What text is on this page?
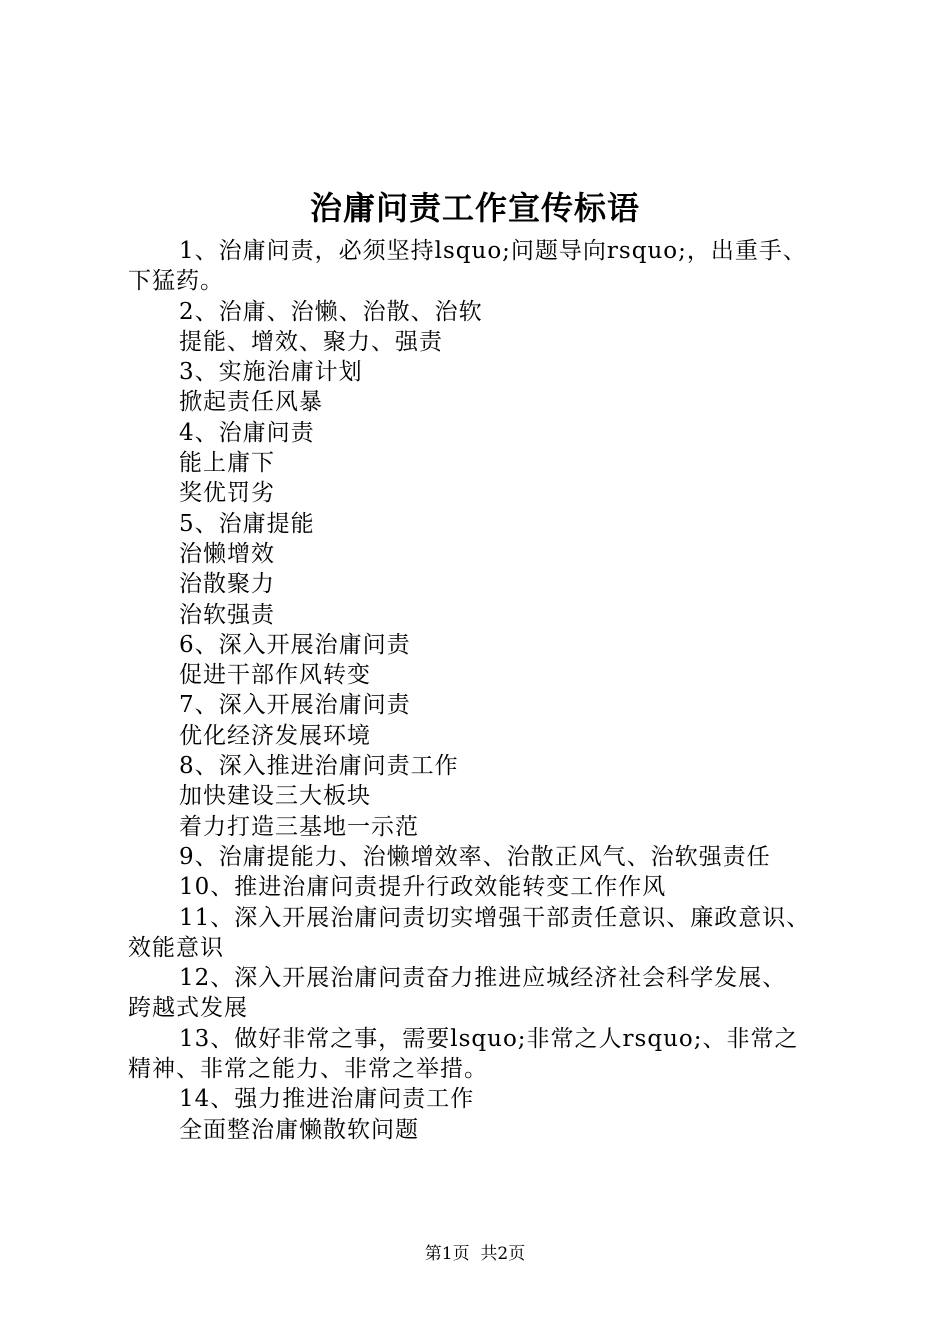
治庸问责工作宣传标语
1、治庸问责，必须坚持lsquo;问题导向rsquo;，出重手、
下猛药。
2、治庸、治懒、治散、治软
提能、增效、聚力、强责
3、实施治庸计划
掀起责任风暴
4、治庸问责
能上庸下
奖优罚劣
5、治庸提能
治懒增效
治散聚力
治软强责
6、深入开展治庸问责
促进干部作风转变
7、深入开展治庸问责
优化经济发展环境
8、深入推进治庸问责工作
加快建设三大板块
着力打造三基地一示范
9、治庸提能力、治懒增效率、治散正风气、治软强责任
10、推进治庸问责提升行政效能转变工作作风
11、深入开展治庸问责切实增强干部责任意识、廉政意识、
效能意识
12、深入开展治庸问责奋力推进应城经济社会科学发展、
跨越式发展
13、做好非常之事，需要lsquo;非常之人rsquo;、非常之
精神、非常之能力、非常之举措。
14、强力推进治庸问责工作
全面整治庸懒散软问题
第1页 共2页
